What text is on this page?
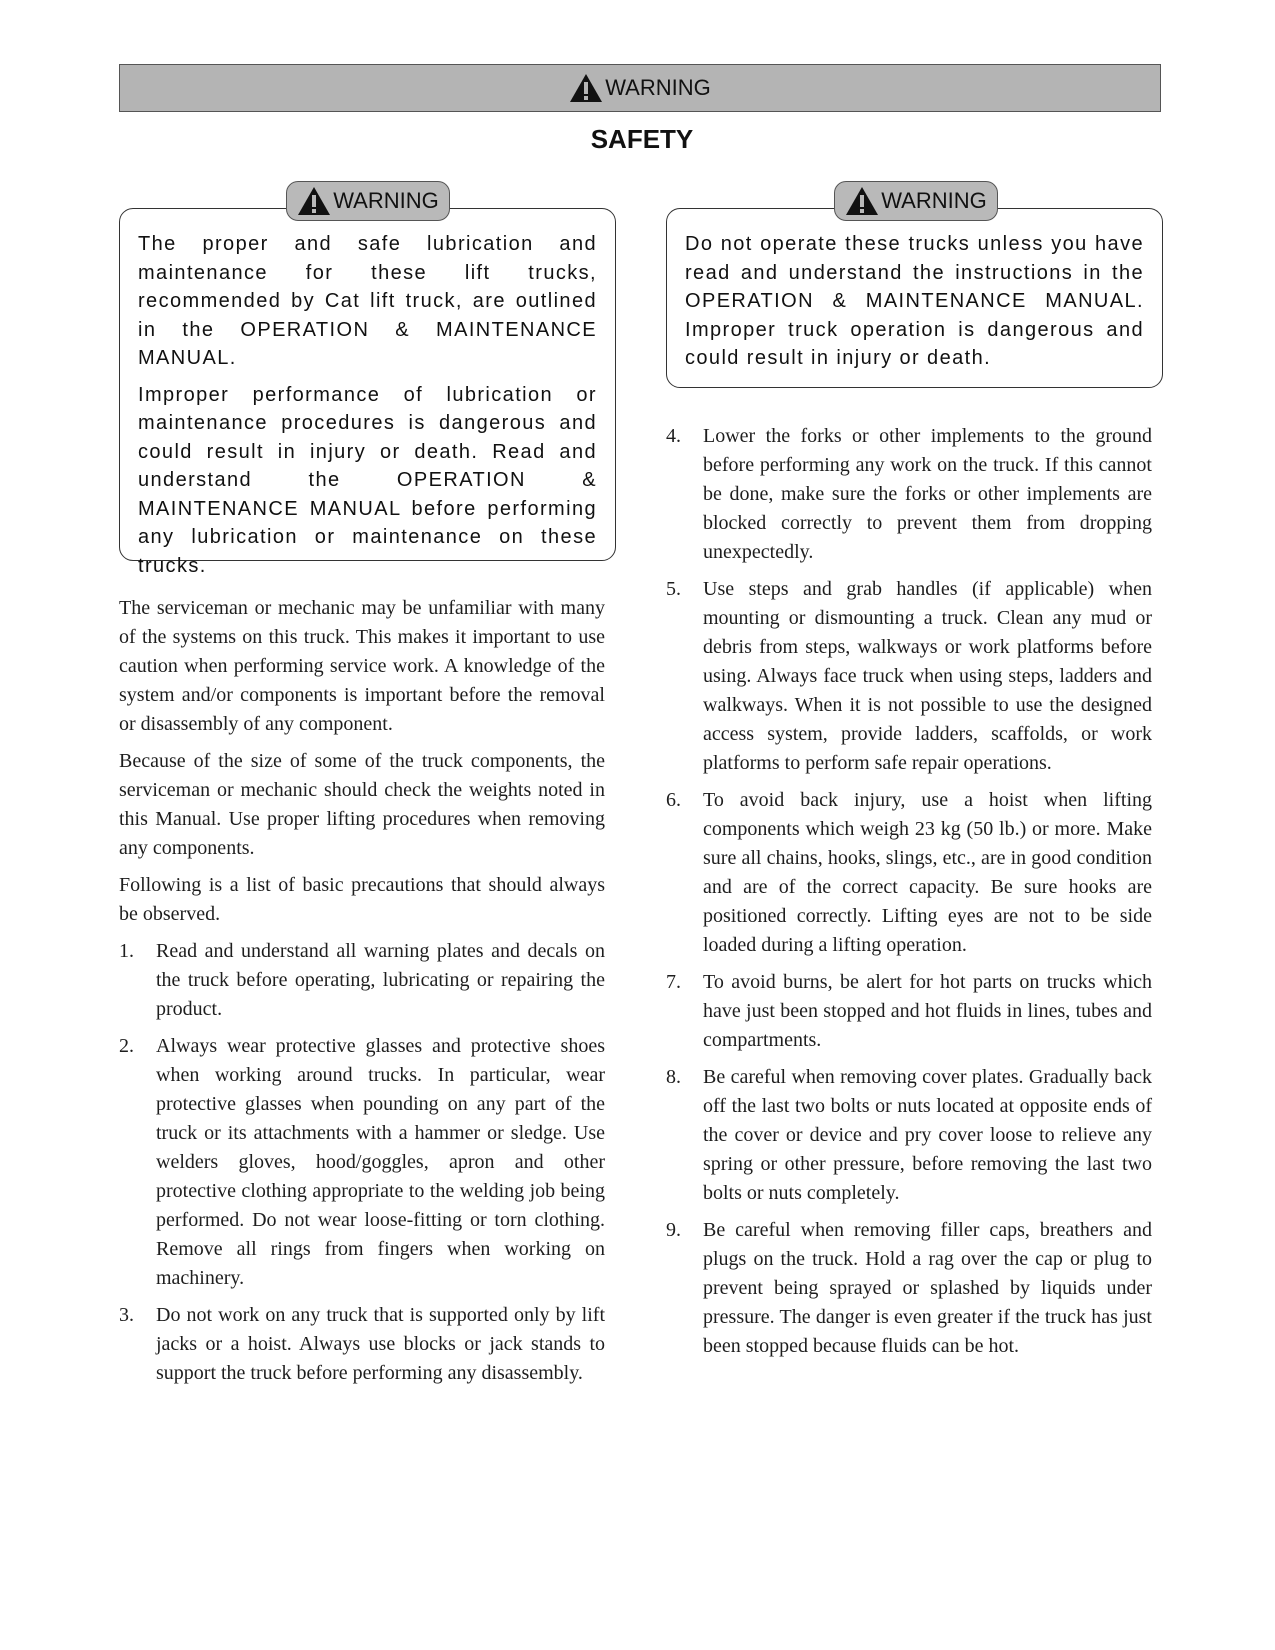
WARNING
SAFETY

The proper and safe lubrication and maintenance for these lift trucks, recommended by Cat lift truck, are outlined in the OPERATION & MAINTENANCE MANUAL.

Improper performance of lubrication or maintenance procedures is dangerous and could result in injury or death. Read and understand the OPERATION & MAINTENANCE MANUAL before performing any lubrication or maintenance on these trucks.

WARNING

Do not operate these trucks unless you have read and understand the instructions in the OPERATION & MAINTENANCE MANUAL. Improper truck operation is dangerous and could result in injury or death.

WARNING

The serviceman or mechanic may be unfamiliar with many of the systems on this truck. This makes it important to use caution when performing service work. A knowledge of the system and/or components is important before the removal or disassembly of any component.

Because of the size of some of the truck components, the serviceman or mechanic should check the weights noted in this Manual. Use proper lifting procedures when removing any components.

Following is a list of basic precautions that should always be observed.

1. Read and understand all warning plates and decals on the truck before operating, lubricating or repairing the product.
2. Always wear protective glasses and protective shoes when working around trucks. In particular, wear protective glasses when pounding on any part of the truck or its attachments with a hammer or sledge. Use welders gloves, hood/goggles, apron and other protective clothing appropriate to the welding job being performed. Do not wear loose-fitting or torn clothing. Remove all rings from fingers when working on machinery.
3. Do not work on any truck that is supported only by lift jacks or a hoist. Always use blocks or jack stands to support the truck before performing any disassembly.
4. Lower the forks or other implements to the ground before performing any work on the truck. If this cannot be done, make sure the forks or other implements are blocked correctly to prevent them from dropping unexpectedly.
5. Use steps and grab handles (if applicable) when mounting or dismounting a truck. Clean any mud or debris from steps, walkways or work platforms before using. Always face truck when using steps, ladders and walkways. When it is not possible to use the designed access system, provide ladders, scaffolds, or work platforms to perform safe repair operations.
6. To avoid back injury, use a hoist when lifting components which weigh 23 kg (50 lb.) or more. Make sure all chains, hooks, slings, etc., are in good condition and are of the correct capacity. Be sure hooks are positioned correctly. Lifting eyes are not to be side loaded during a lifting operation.
7. To avoid burns, be alert for hot parts on trucks which have just been stopped and hot fluids in lines, tubes and compartments.
8. Be careful when removing cover plates. Gradually back off the last two bolts or nuts located at opposite ends of the cover or device and pry cover loose to relieve any spring or other pressure, before removing the last two bolts or nuts completely.
9. Be careful when removing filler caps, breathers and plugs on the truck. Hold a rag over the cap or plug to prevent being sprayed or splashed by liquids under pressure. The danger is even greater if the truck has just been stopped because fluids can be hot.
